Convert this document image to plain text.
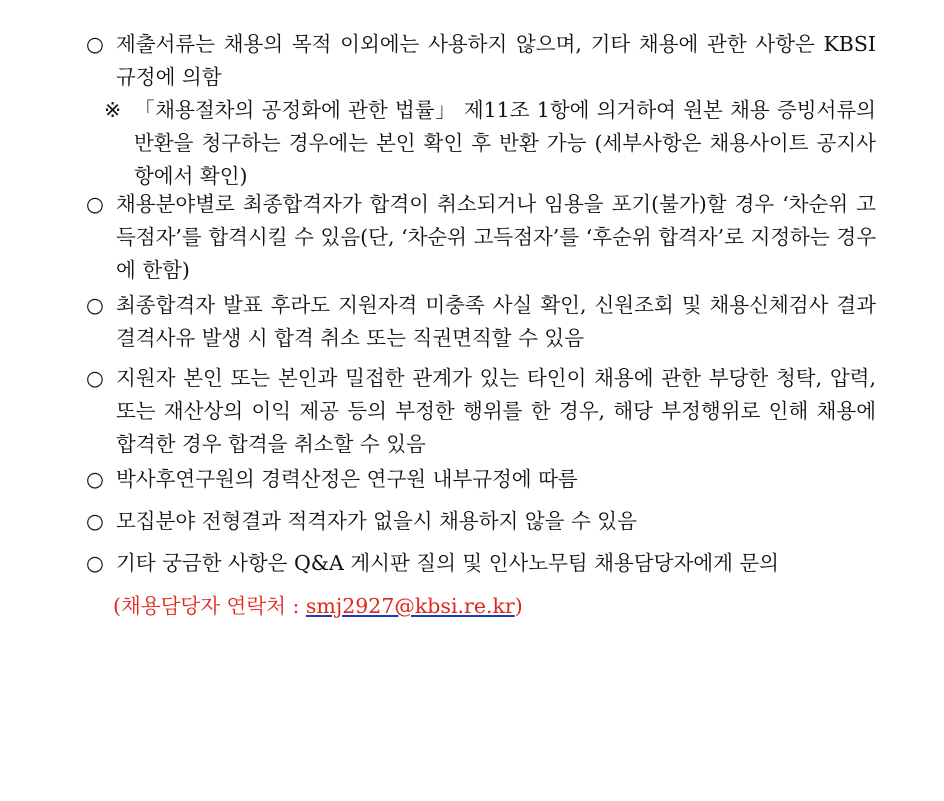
○ 제출서류는 채용의 목적 이외에는 사용하지 않으며, 기타 채용에 관한 사항은 KBSI 규정에 의함
※ 「채용절차의 공정화에 관한 법률」 제11조 1항에 의거하여 원본 채용 증빙서류의 반환을 청구하는 경우에는 본인 확인 후 반환 가능 (세부사항은 채용사이트 공지사항에서 확인)
○ 채용분야별로 최종합격자가 합격이 취소되거나 임용을 포기(불가)할 경우 ‘차순위 고득점자’를 합격시킬 수 있음(단, ‘차순위 고득점자’를 ‘후순위 합격자’로 지정하는 경우에 한함)
○ 최종합격자 발표 후라도 지원자격 미충족 사실 확인, 신원조회 및 채용신체검사 결과 결격사유 발생 시 합격 취소 또는 직권면직할 수 있음
○ 지원자 본인 또는 본인과 밀접한 관계가 있는 타인이 채용에 관한 부당한 청탁, 압력, 또는 재산상의 이익 제공 등의 부정한 행위를 한 경우, 해당 부정행위로 인해 채용에 합격한 경우 합격을 취소할 수 있음
○ 박사후연구원의 경력산정은 연구원 내부규정에 따름
○ 모집분야 전형결과 적격자가 없을시 채용하지 않을 수 있음
○ 기타 궁금한 사항은 Q&A 게시판 질의 및 인사노무팀 채용담당자에게 문의
(채용담당자 연락처 : smj2927@kbsi.re.kr)
